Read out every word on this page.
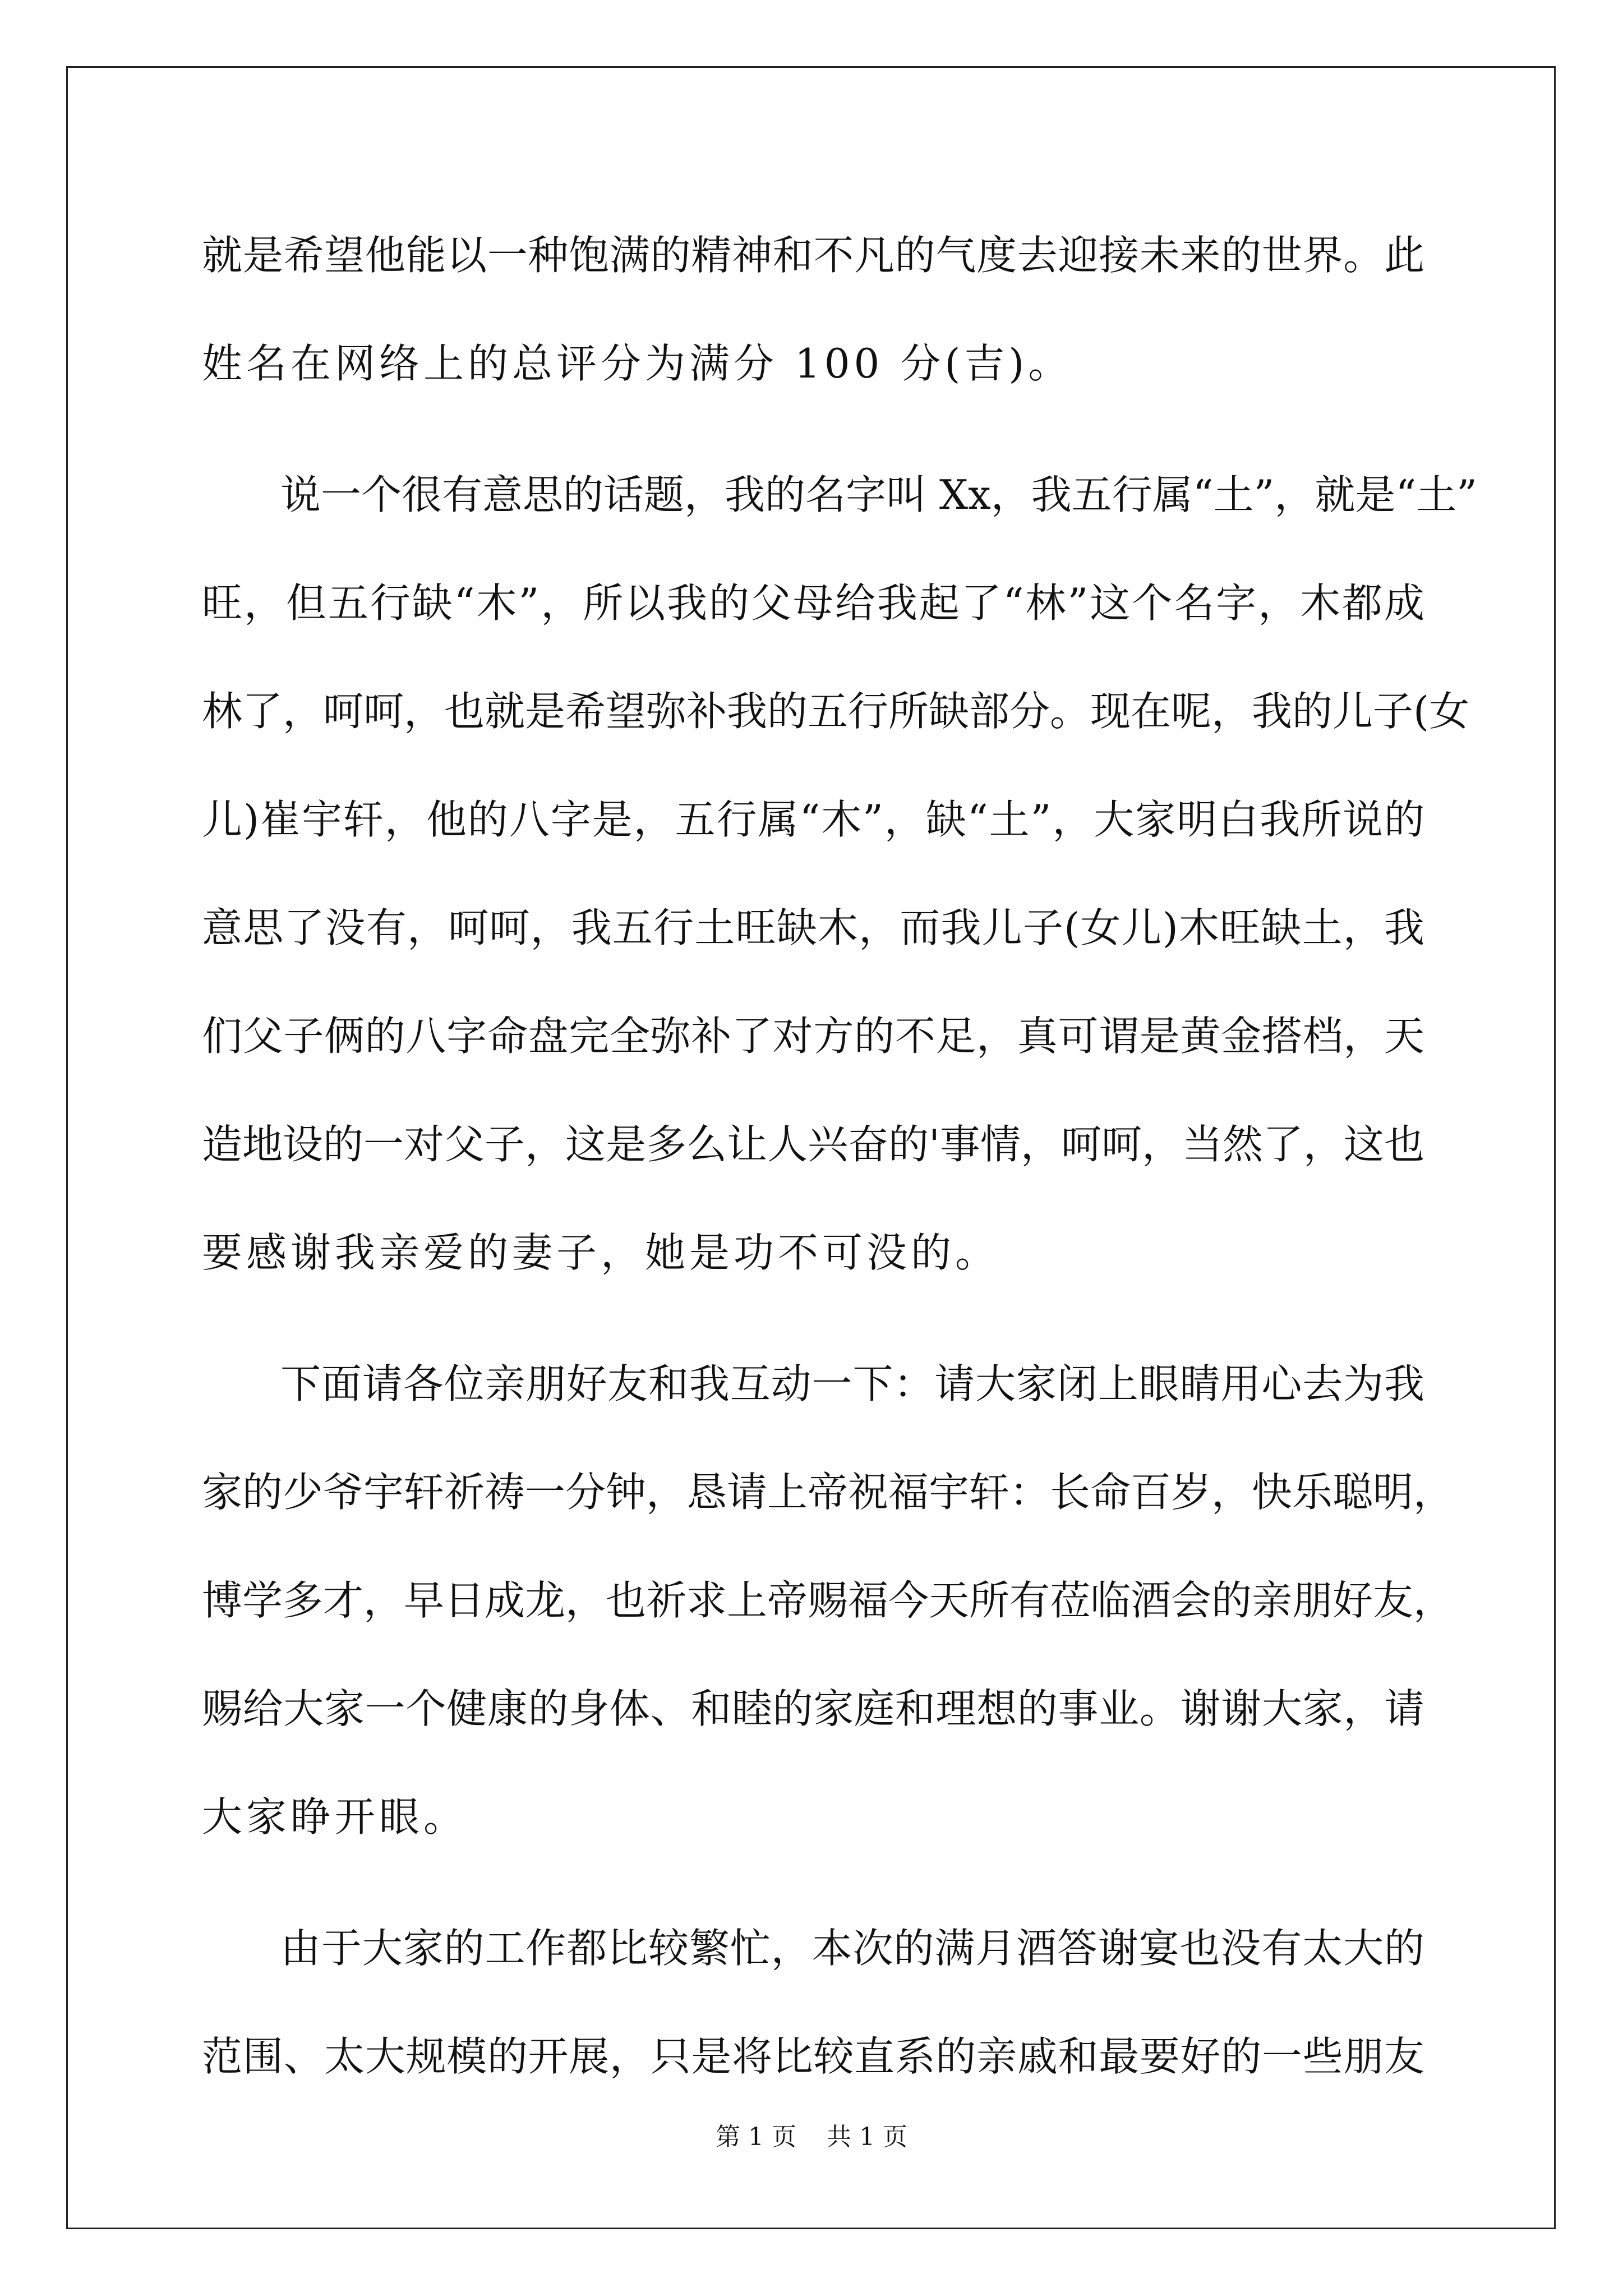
就是希望他能以一种饱满的精神和不凡的气度去迎接未来的世界。此

姓名在网络上的总评分为满分 100 分(吉)。

说一个很有意思的话题，我的名字叫 Xx，我五行属“土”，就是“土”

旺，但五行缺“木”，所以我的父母给我起了“林”这个名字，木都成

林了，呵呵，也就是希望弥补我的五行所缺部分。现在呢，我的儿子(女

儿)崔宇轩，他的八字是，五行属“木”，缺“土”，大家明白我所说的

意思了没有，呵呵，我五行土旺缺木，而我儿子(女儿)木旺缺土，我

们父子俩的八字命盘完全弥补了对方的不足，真可谓是黄金搭档，天

造地设的一对父子，这是多么让人兴奋的'事情，呵呵，当然了，这也

要感谢我亲爱的妻子，她是功不可没的。

下面请各位亲朋好友和我互动一下：请大家闭上眼睛用心去为我

家的少爷宇轩祈祷一分钟，恳请上帝祝福宇轩：长命百岁，快乐聪明，

博学多才，早日成龙，也祈求上帝赐福今天所有莅临酒会的亲朋好友，

赐给大家一个健康的身体、和睦的家庭和理想的事业。谢谢大家，请

大家睁开眼。

由于大家的工作都比较繁忙，本次的满月酒答谢宴也没有太大的

范围、太大规模的开展，只是将比较直系的亲戚和最要好的一些朋友

第 1 页 共 1 页
